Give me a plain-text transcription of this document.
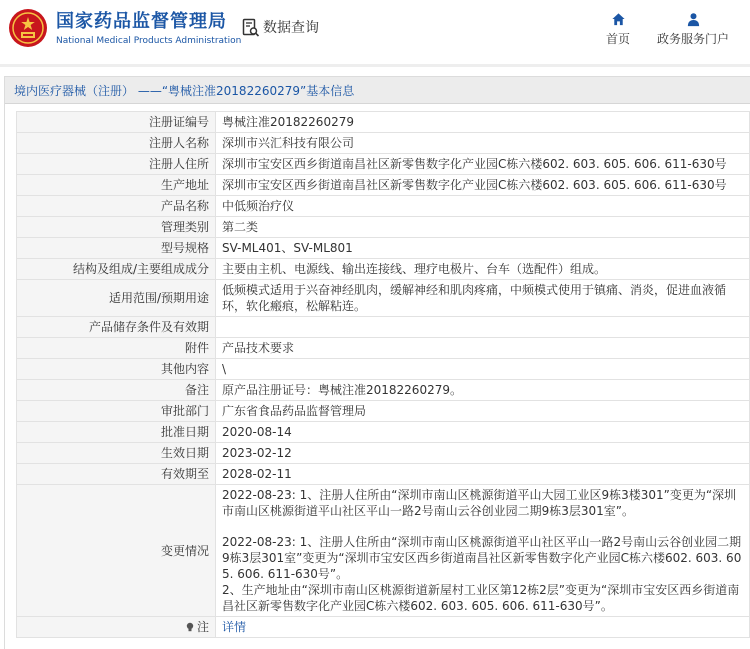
国家药品监督管理局
National Medical Products Administration
数据查询
首页	政务服务门户
境内医疗器械（注册） ——“粤械注准20182260279”基本信息
注册证编号	粤械注准20182260279
注册人名称	深圳市兴汇科技有限公司
注册人住所	深圳市宝安区西乡街道南昌社区新零售数字化产业园C栋六楼602. 603. 605. 606. 611-630号
生产地址	深圳市宝安区西乡街道南昌社区新零售数字化产业园C栋六楼602. 603. 605. 606. 611-630号
产品名称	中低频治疗仪
管理类别	第二类
型号规格	SV-ML401、SV-ML801
结构及组成/主要组成成分	主要由主机、电源线、输出连接线、理疗电极片、台车（选配件）组成。
适用范围/预期用途	低频模式适用于兴奋神经肌肉，缓解神经和肌肉疼痛，中频模式使用于镇痛、消炎，促进血液循环，软化瘢痕，松解粘连。
产品储存条件及有效期	
附件	产品技术要求
其他内容	\
备注	原产品注册证号：粤械注准20182260279。
审批部门	广东省食品药品监督管理局
批准日期	2020-08-14
生效日期	2023-02-12
有效期至	2028-02-11
变更情况	2022-08-23: 1、注册人住所由“深圳市南山区桃源街道平山大园工业区9栋3楼301”变更为“深圳市南山区桃源街道平山社区平山一路2号南山云谷创业园二期9栋3层301室”。
2022-08-23: 1、注册人住所由“深圳市南山区桃源街道平山社区平山一路2号南山云谷创业园二期9栋3层301室”变更为“深圳市宝安区西乡街道南昌社区新零售数字化产业园C栋六楼602. 603. 605. 606. 611-630号”。
2、生产地址由“深圳市南山区桃源街道新屋村工业区第12栋2层”变更为“深圳市宝安区西乡街道南昌社区新零售数字化产业园C栋六楼602. 603. 605. 606. 611-630号”。

注	详情
